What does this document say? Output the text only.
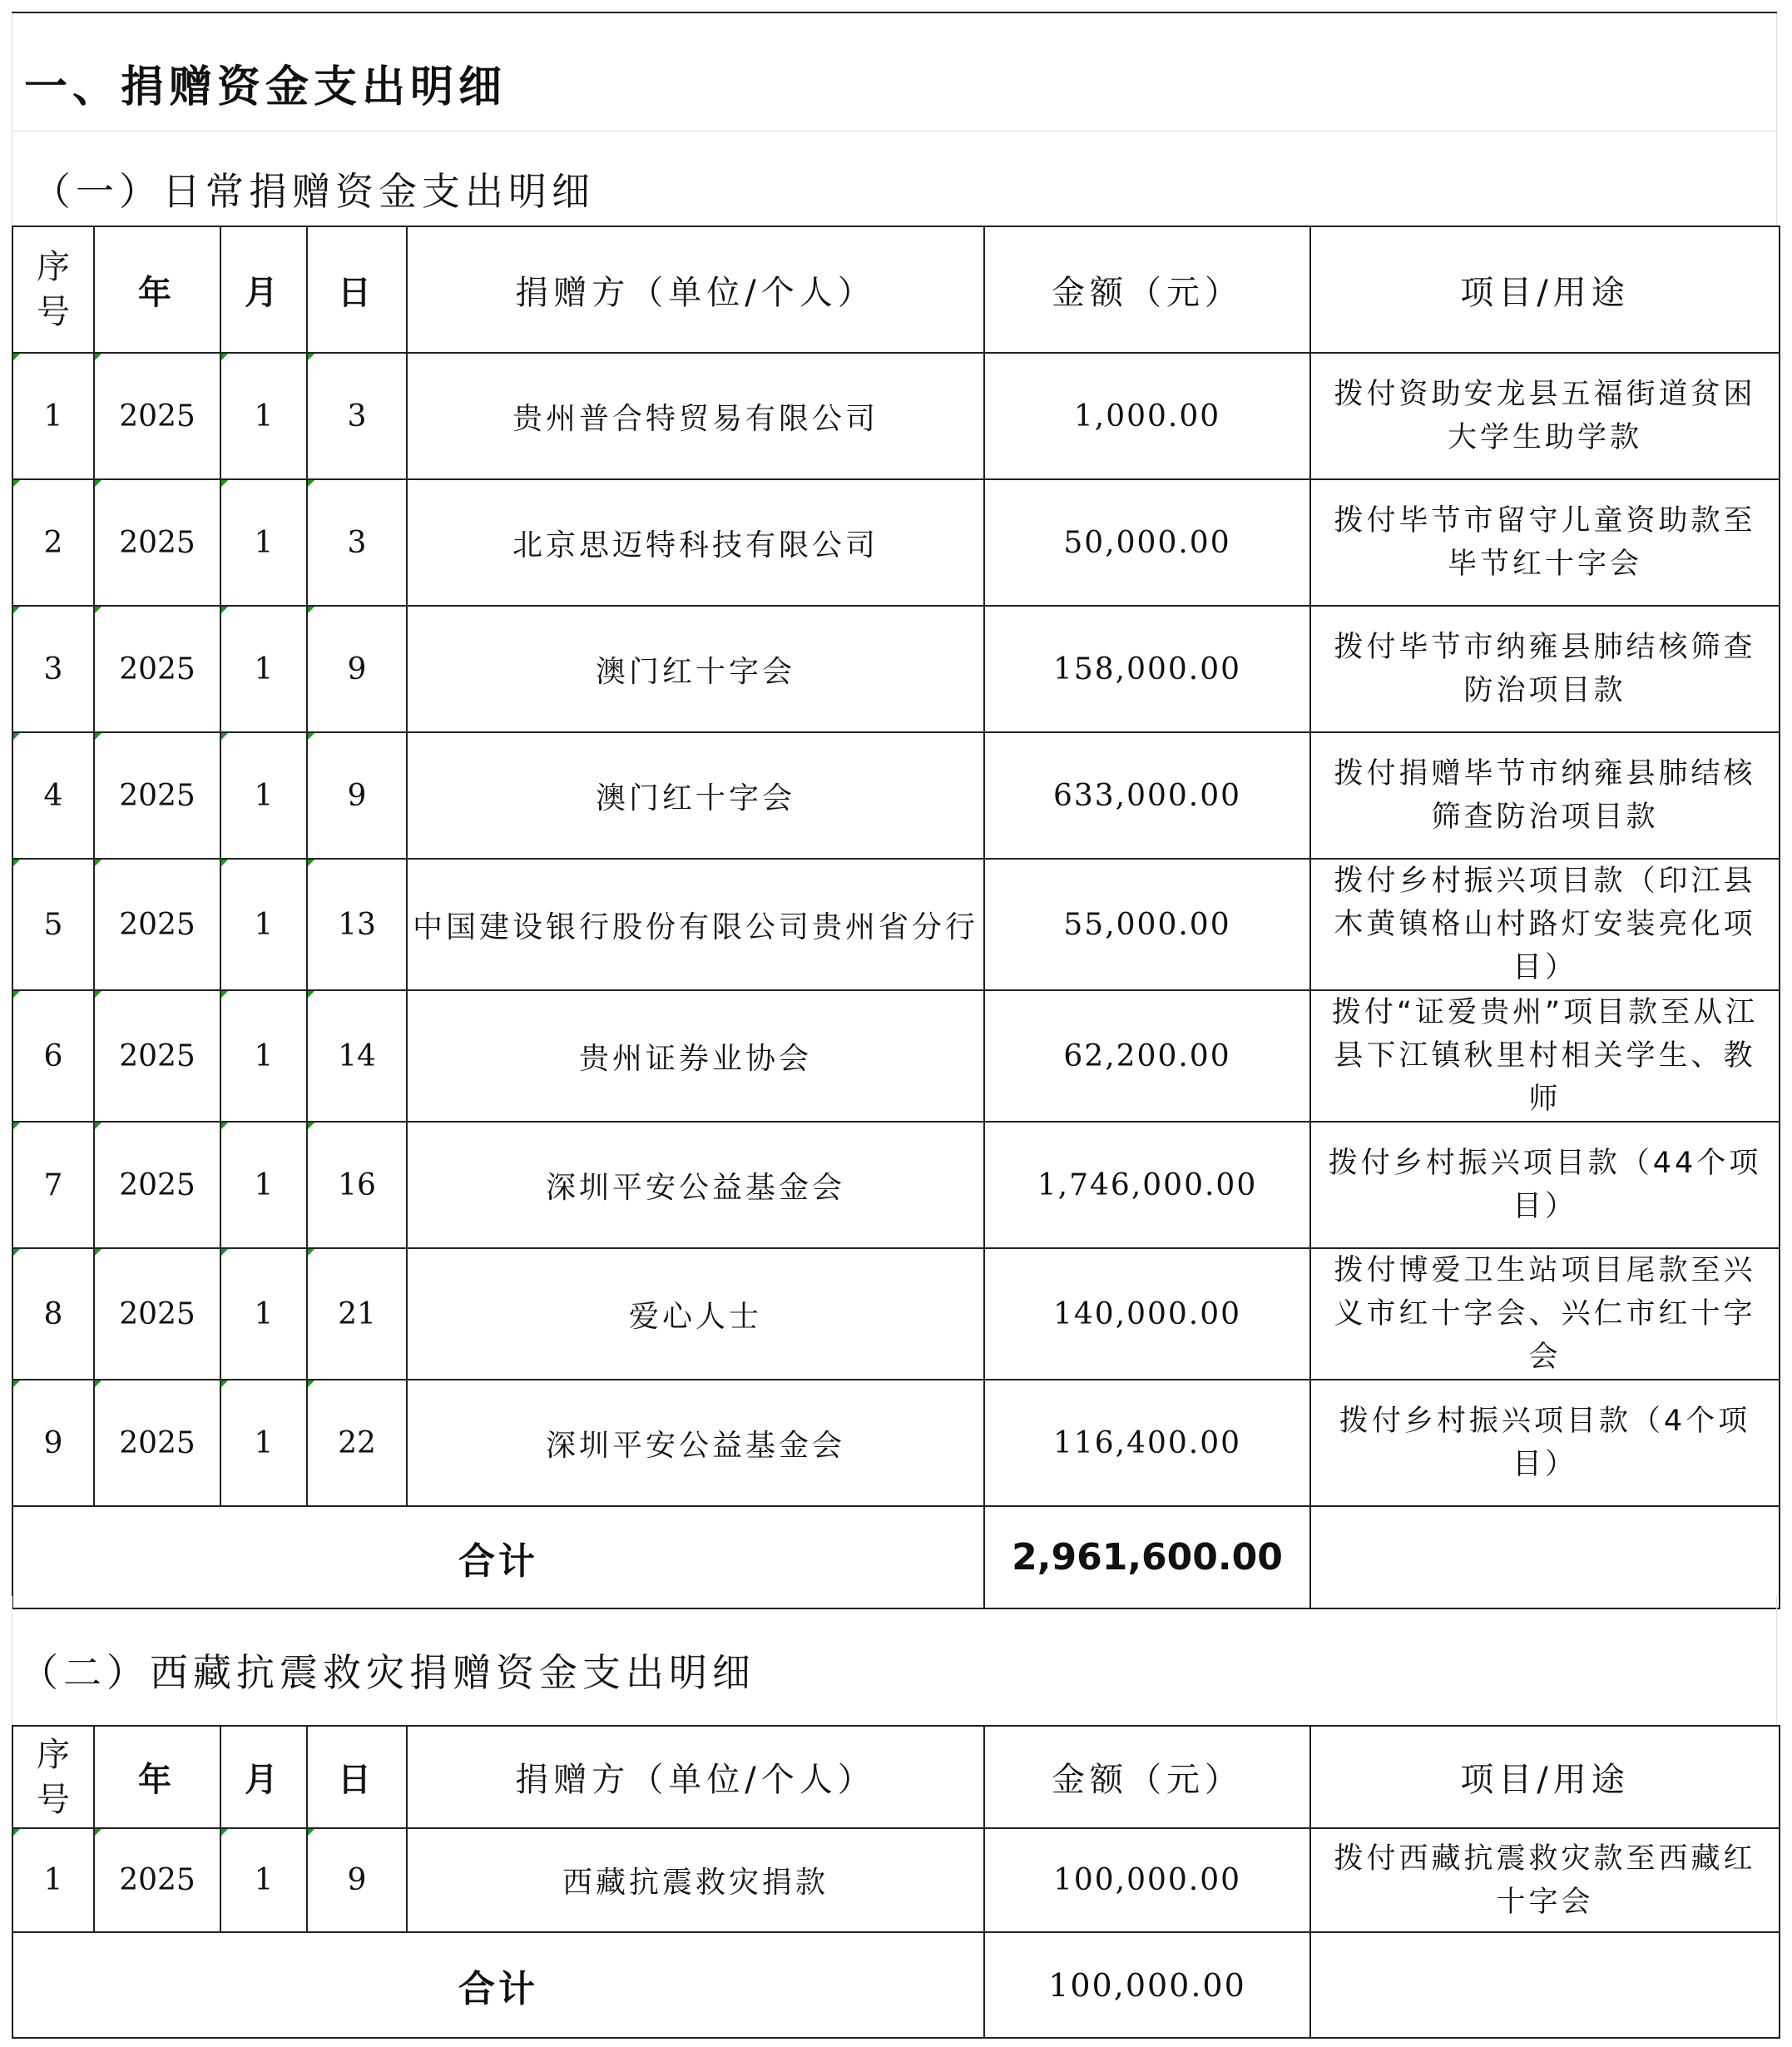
一、捐赠资金支出明细
（一）日常捐赠资金支出明细
序号	年	月	日	捐赠方（单位/个人）	金额（元）	项目/用途
1	2025	1	3	贵州普合特贸易有限公司	1,000.00	拨付资助安龙县五福街道贫困大学生助学款
2	2025	1	3	北京思迈特科技有限公司	50,000.00	拨付毕节市留守儿童资助款至毕节红十字会
3	2025	1	9	澳门红十字会	158,000.00	拨付毕节市纳雍县肺结核筛查防治项目款
4	2025	1	9	澳门红十字会	633,000.00	拨付捐赠毕节市纳雍县肺结核筛查防治项目款
5	2025	1	13	中国建设银行股份有限公司贵州省分行	55,000.00	拨付乡村振兴项目款（印江县木黄镇格山村路灯安装亮化项目）
6	2025	1	14	贵州证券业协会	62,200.00	拨付“证爱贵州”项目款至从江县下江镇秋里村相关学生、教师
7	2025	1	16	深圳平安公益基金会	1,746,000.00	拨付乡村振兴项目款（44个项目）
8	2025	1	21	爱心人士	140,000.00	拨付博爱卫生站项目尾款至兴义市红十字会、兴仁市红十字会
9	2025	1	22	深圳平安公益基金会	116,400.00	拨付乡村振兴项目款（4个项目）
合计					2,961,600.00	
（二）西藏抗震救灾捐赠资金支出明细
序号	年	月	日	捐赠方（单位/个人）	金额（元）	项目/用途
1	2025	1	9	西藏抗震救灾捐款	100,000.00	拨付西藏抗震救灾款至西藏红十字会
合计					100,000.00	
